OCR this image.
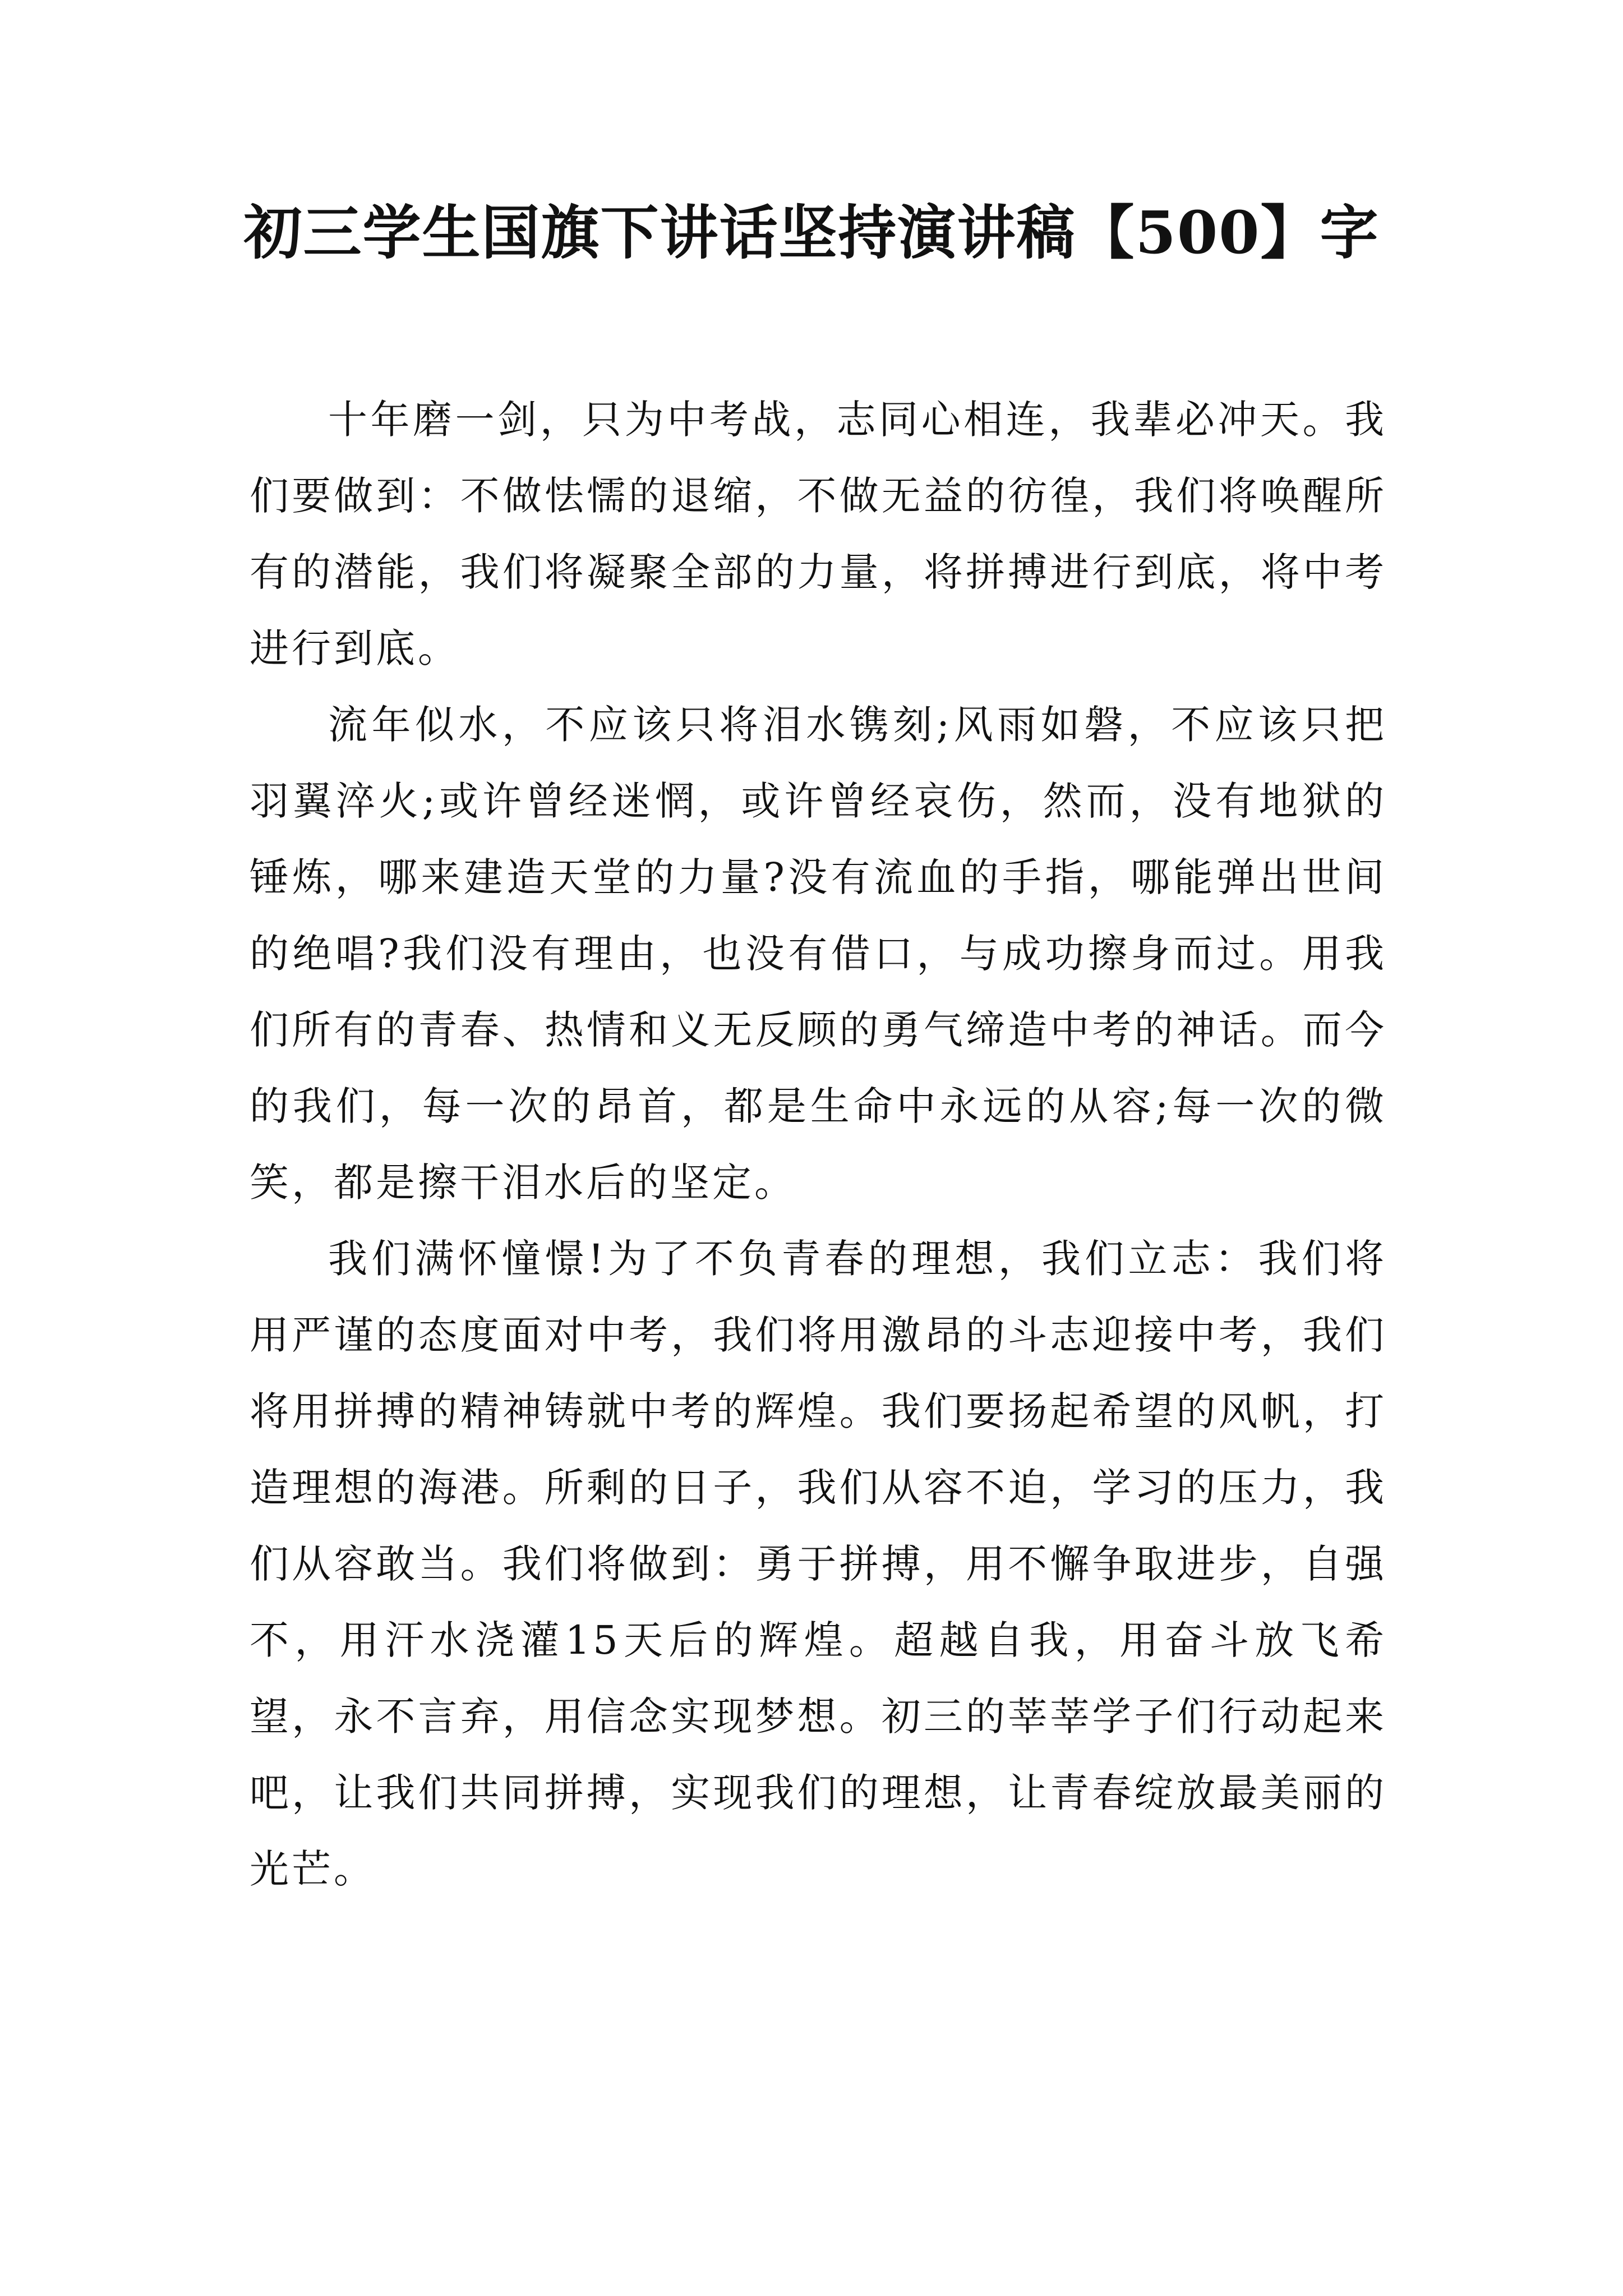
初三学生国旗下讲话坚持演讲稿【500】字

十年磨一剑，只为中考战，志同心相连，我辈必冲天。我们要做到：不做怯懦的退缩，不做无益的彷徨，我们将唤醒所有的潜能，我们将凝聚全部的力量，将拼搏进行到底，将中考进行到底。

流年似水，不应该只将泪水镌刻;风雨如磐，不应该只把羽翼淬火;或许曾经迷惘，或许曾经哀伤，然而，没有地狱的锤炼，哪来建造天堂的力量?没有流血的手指，哪能弹出世间的绝唱?我们没有理由，也没有借口，与成功擦身而过。用我们所有的青春、热情和义无反顾的勇气缔造中考的神话。而今的我们，每一次的昂首，都是生命中永远的从容;每一次的微笑，都是擦干泪水后的坚定。

我们满怀憧憬!为了不负青春的理想，我们立志：我们将用严谨的态度面对中考，我们将用激昂的斗志迎接中考，我们将用拼搏的精神铸就中考的辉煌。我们要扬起希望的风帆，打造理想的海港。所剩的日子，我们从容不迫，学习的压力，我们从容敢当。我们将做到：勇于拼搏，用不懈争取进步，自强不，用汗水浇灌15天后的辉煌。超越自我，用奋斗放飞希望，永不言弃，用信念实现梦想。初三的莘莘学子们行动起来吧，让我们共同拼搏，实现我们的理想，让青春绽放最美丽的光芒。
